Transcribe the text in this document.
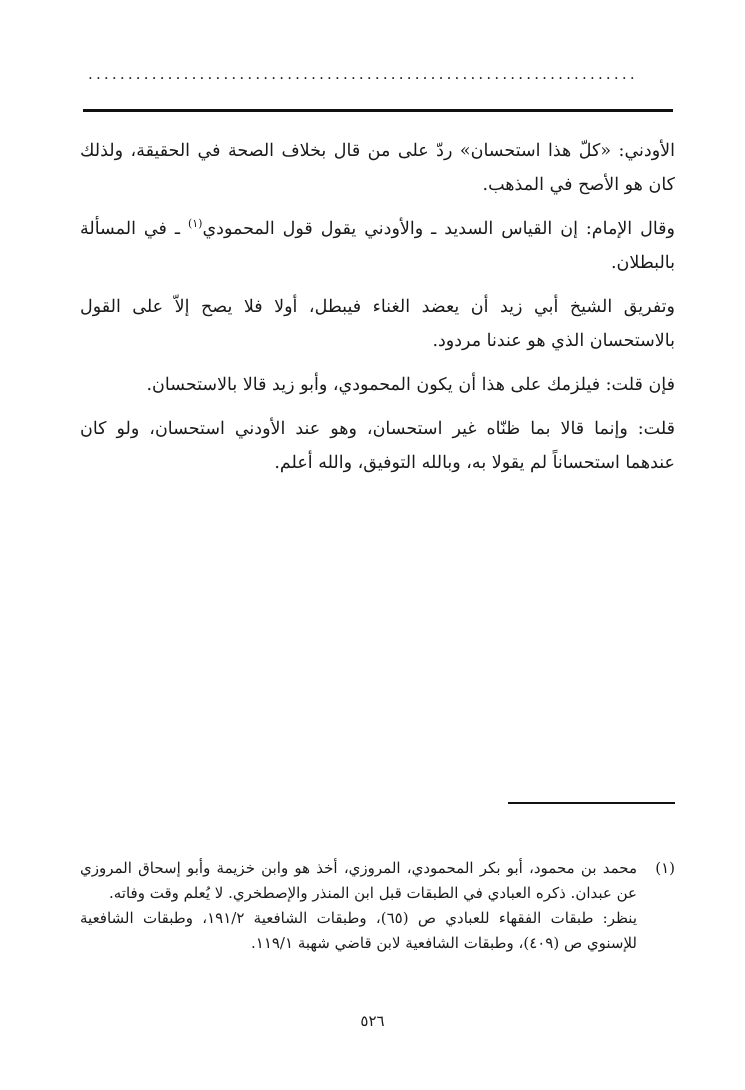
.....................................................................

الأودني: «كلّ هذا استحسان» ردّ على من قال بخلاف الصحة في الحقيقة، ولذلك كان هو الأصح في المذهب.

وقال الإمام: إن القياس السديد ـ والأودني يقول قول المحمودي$^{(١)}$ ـ في المسألة بالبطلان.

وتفريق الشيخ أبي زيد أن يعضد الغناء فيبطل، أولا فلا يصح إلاّ على القول بالاستحسان الذي هو عندنا مردود.

فإن قلت: فيلزمك على هذا أن يكون المحمودي، وأبو زيد قالا بالاستحسان.

قلت: وإنما قالا بما ظنّاه غير استحسان، وهو عند الأودني استحسان، ولو كان عندهما استحساناً لم يقولا به، وبالله التوفيق، والله أعلم.

(١)

محمد بن محمود، أبو بكر المحمودي، المروزي، أخذ هو وابن خزيمة وأبو إسحاق المروزي عن عبدان. ذكره العبادي في الطبقات قبل ابن المنذر والإصطخري. لا يُعلم وقت وفاته.

ينظر: طبقات الفقهاء للعبادي ص (٦٥)، وطبقات الشافعية ١٩١/٢، وطبقات الشافعية للإسنوي ص (٤٠٩)، وطبقات الشافعية لابن قاضي شهبة ١١٩/١.

٥٢٦
